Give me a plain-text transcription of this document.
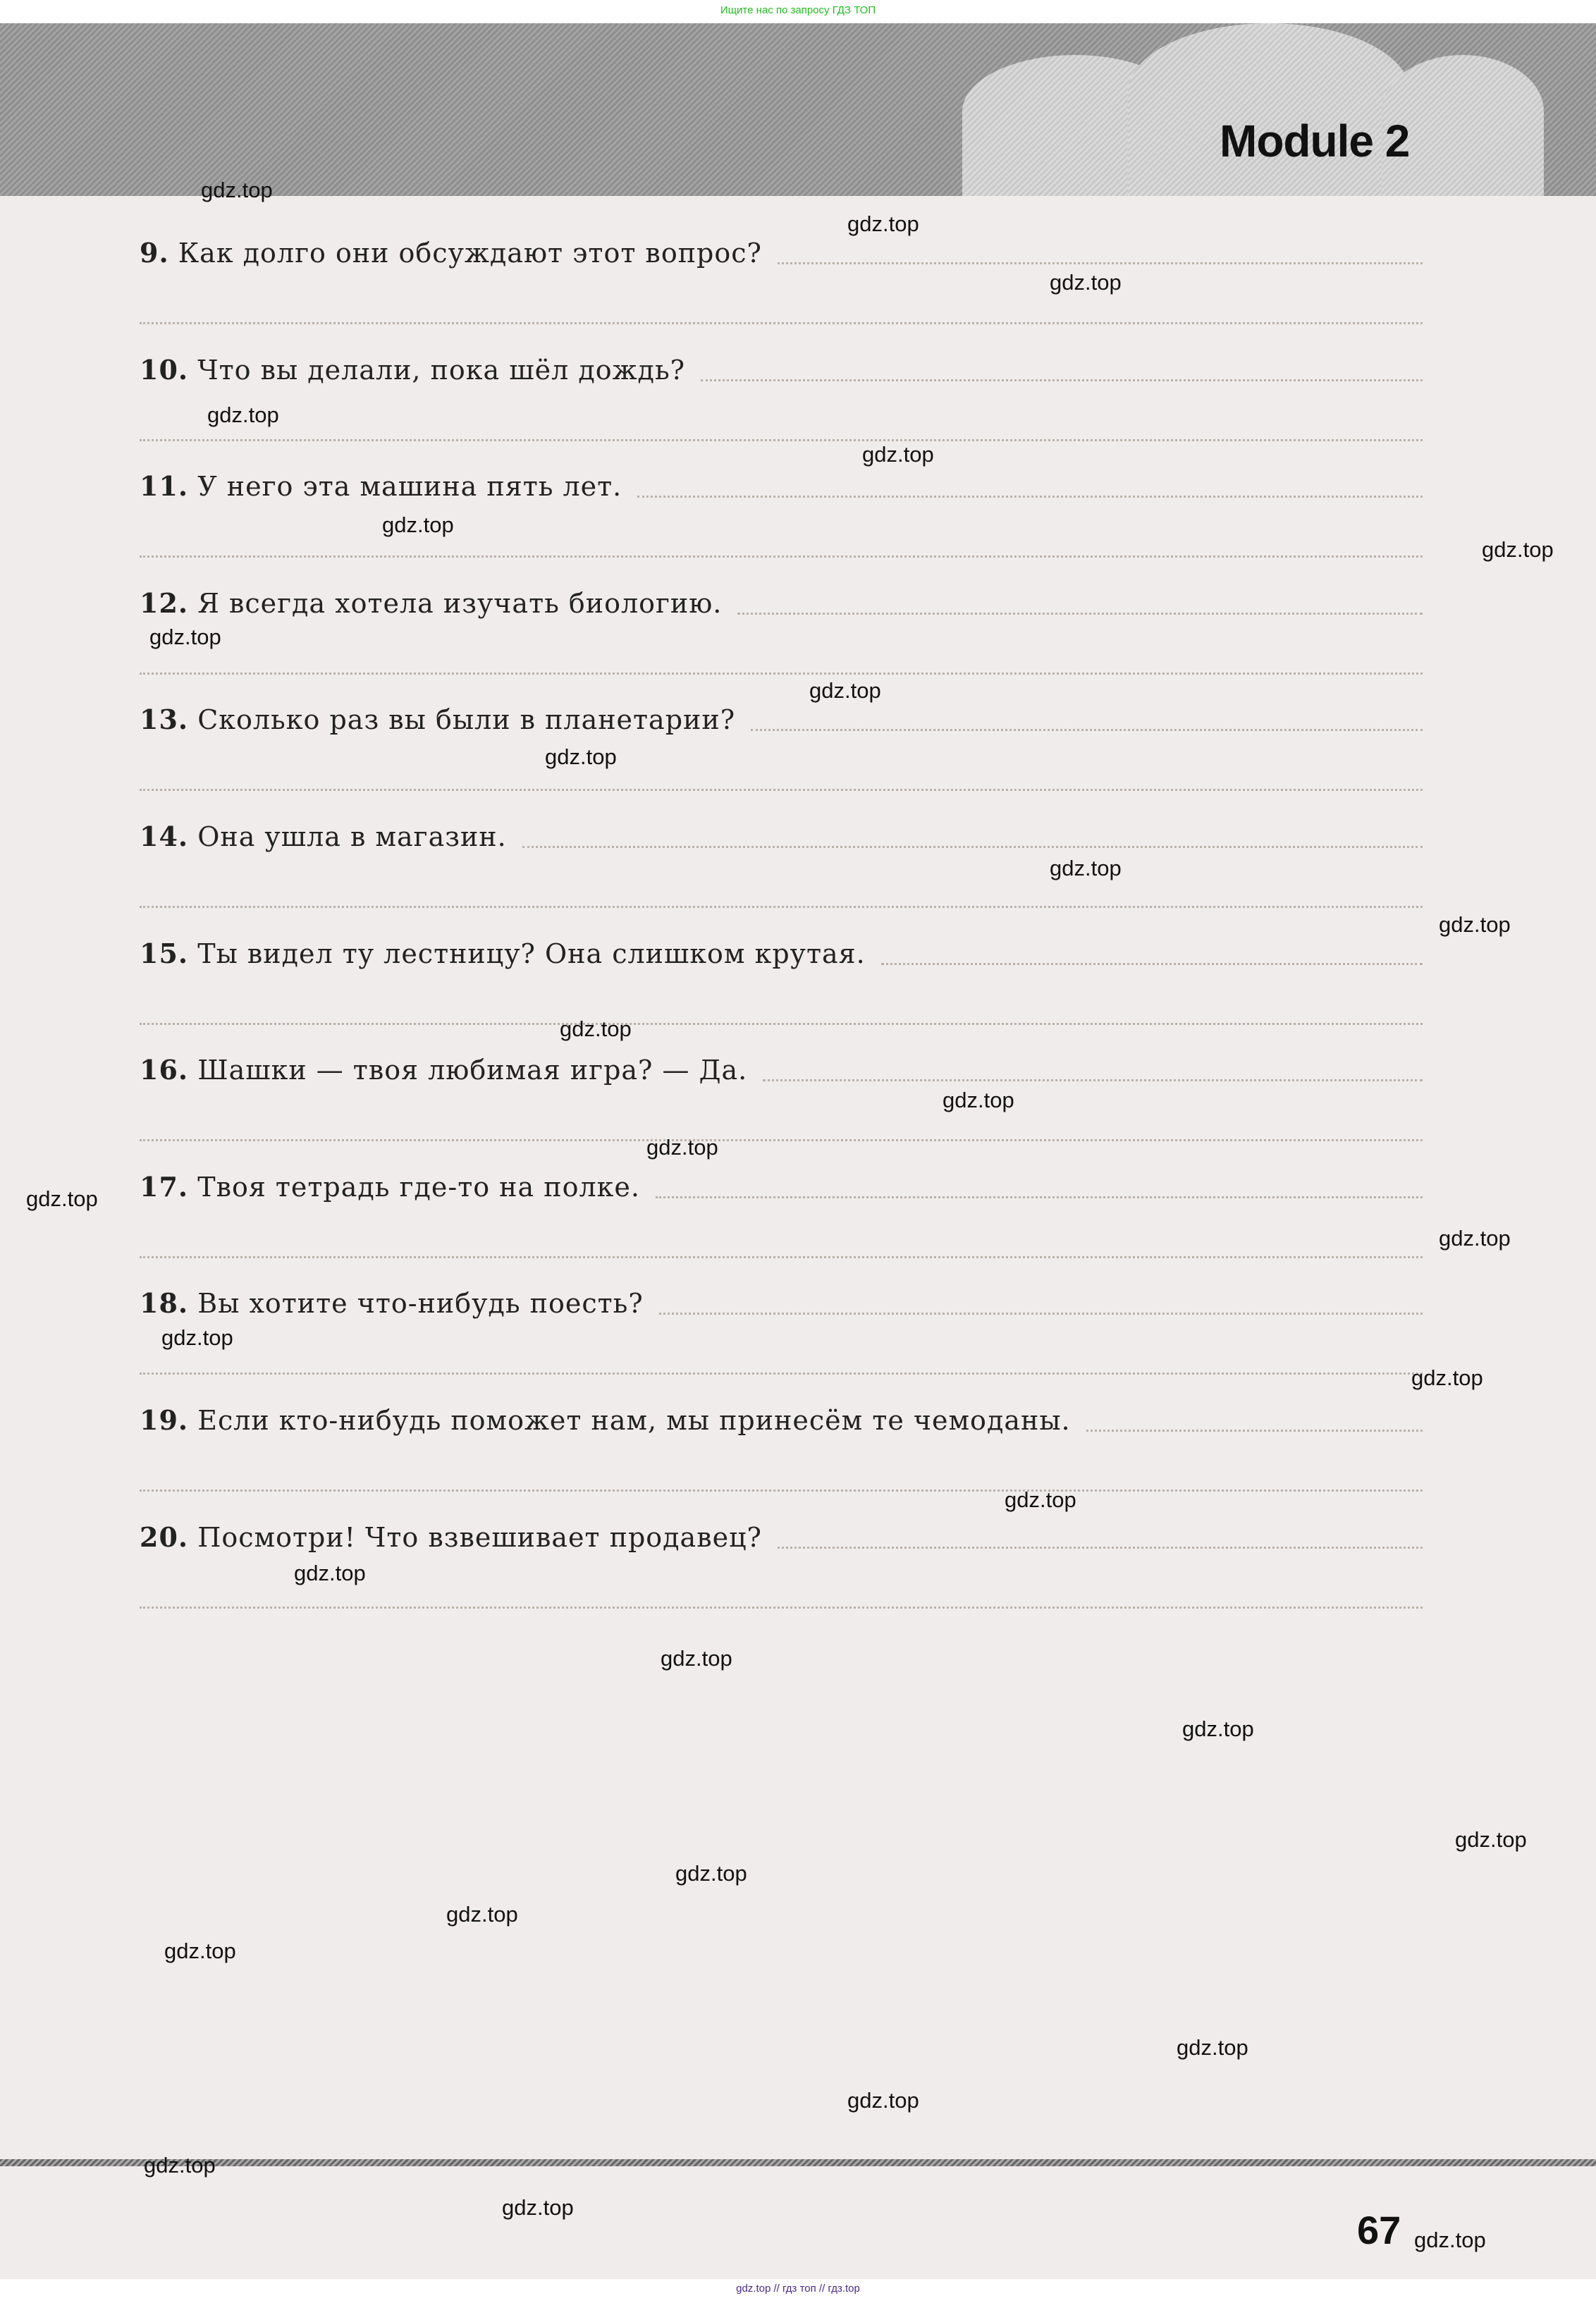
Ищите нас по запросу ГДЗ ТОП
Module 2
9. Как долго они обсуждают этот вопрос?
10. Что вы делали, пока шёл дождь?
11. У него эта машина пять лет.
12. Я всегда хотела изучать биологию.
13. Сколько раз вы были в планетарии?
14. Она ушла в магазин.
15. Ты видел ту лестницу? Она слишком крутая.
16. Шашки — твоя любимая игра? — Да.
17. Твоя тетрадь где-то на полке.
18. Вы хотите что-нибудь поесть?
19. Если кто-нибудь поможет нам, мы принесём те чемоданы.
20. Посмотри! Что взвешивает продавец?
67
gdz.top
gdz.top
gdz.top
gdz.top
gdz.top
gdz.top
gdz.top
gdz.top
gdz.top
gdz.top
gdz.top
gdz.top
gdz.top
gdz.top
gdz.top
gdz.top
gdz.top
gdz.top
gdz.top
gdz.top
gdz.top
gdz.top
gdz.top
gdz.top
gdz.top
gdz.top
gdz.top
gdz.top
gdz.top
gdz.top
gdz.top
gdz.top
gdz.top // гдз топ // гдз.top
